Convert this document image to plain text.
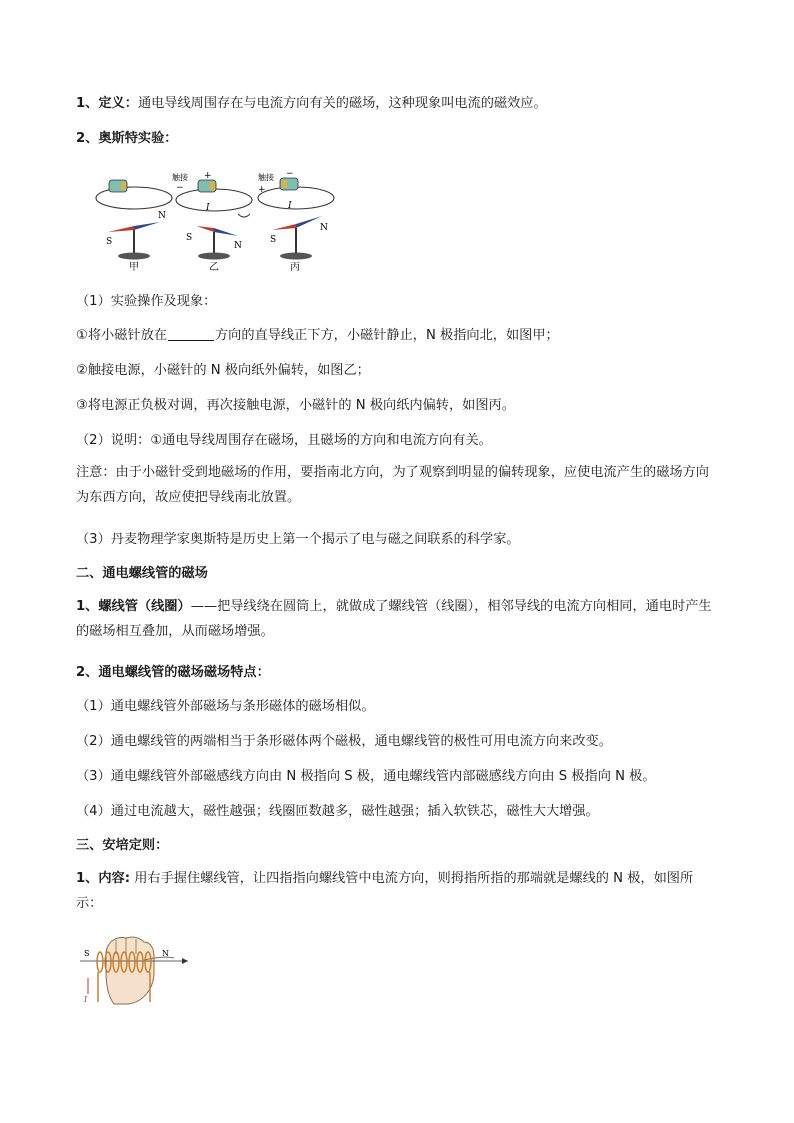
1、定义：通电导线周围存在与电流方向有关的磁场，这种现象叫电流的磁效应。
2、奥斯特实验：
S
N
甲
触接
−
+
I
S
N
乙
触接
+
−
I
S
N
丙
（1）实验操作及现象：
①将小磁针放在	方向的直导线正下方，小磁针静止，N 极指向北，如图甲；
②触接电源，小磁针的 N 极向纸外偏转，如图乙；
③将电源正负极对调，再次接触电源，小磁针的 N 极向纸内偏转，如图丙。
（2）说明：①通电导线周围存在磁场，且磁场的方向和电流方向有关。
注意：由于小磁针受到地磁场的作用，要指南北方向，为了观察到明显的偏转现象，应使电流产生的磁场方向为东西方向，故应使把导线南北放置。
（3）丹麦物理学家奥斯特是历史上第一个揭示了电与磁之间联系的科学家。
二、通电螺线管的磁场
1、螺线管（线圈）——把导线绕在圆筒上，就做成了螺线管（线圈），相邻导线的电流方向相同，通电时产生的磁场相互叠加，从而磁场增强。
2、通电螺线管的磁场磁场特点：
（1）通电螺线管外部磁场与条形磁体的磁场相似。
（2）通电螺线管的两端相当于条形磁体两个磁极，通电螺线管的极性可用电流方向来改变。
（3）通电螺线管外部磁感线方向由 N 极指向 S 极，通电螺线管内部磁感线方向由 S 极指向 N 极。
（4）通过电流越大，磁性越强；线圈匝数越多，磁性越强；插入软铁芯，磁性大大增强。
三、安培定则：
1、内容: 用右手握住螺线管，让四指指向螺线管中电流方向，则拇指所指的那端就是螺线的 N 极，如图所示：
S	N
I
